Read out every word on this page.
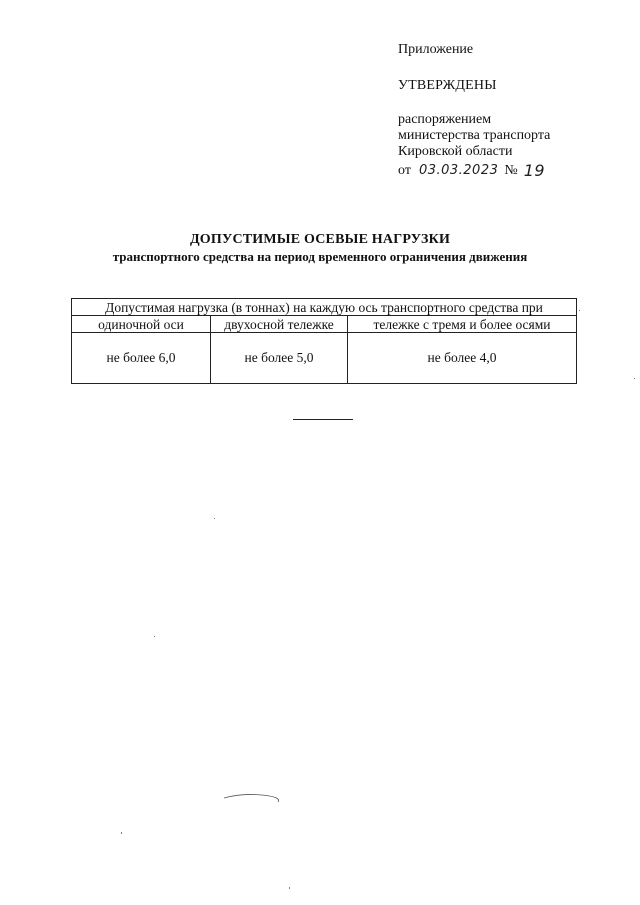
Приложение
УТВЕРЖДЕНЫ
распоряжением
министерства транспорта
Кировской области
от 03.03.2023 № 19
ДОПУСТИМЫЕ ОСЕВЫЕ НАГРУЗКИ
транспортного средства на период временного ограничения движения
Допустимая нагрузка (в тоннах) на каждую ось транспортного средства при		
одиночной оси	двухосной тележке	тележке с тремя и более осями
не более 6,0	не более 5,0	не более 4,0
